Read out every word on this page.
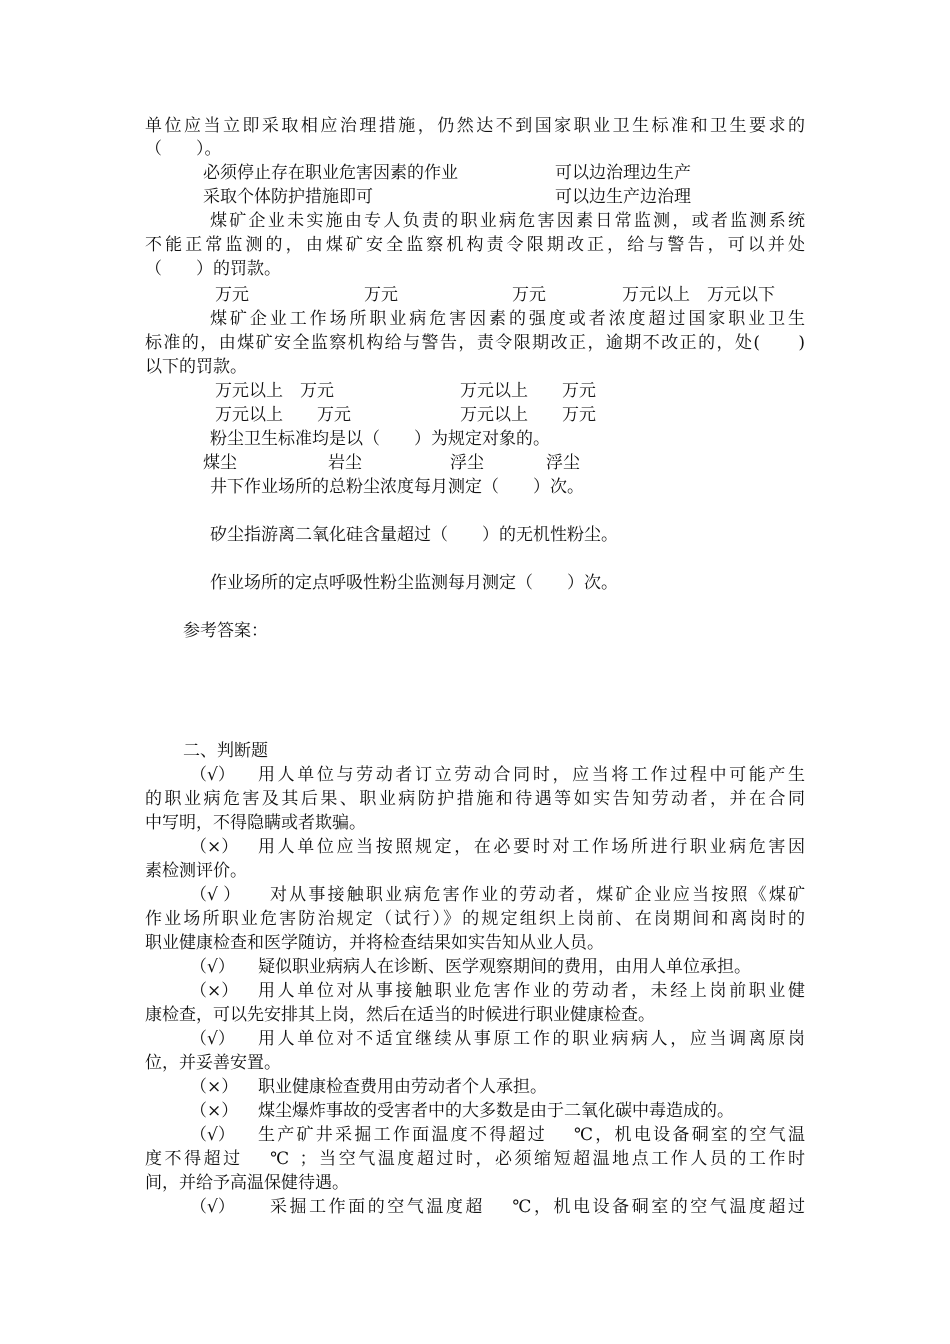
单位应当立即采取相应治理措施，仍然达不到国家职业卫生标准和卫生要求的
（　　）。
必须停止存在职业危害因素的作业	可以边治理边生产
采取个体防护措施即可	可以边生产边治理
煤矿企业未实施由专人负责的职业病危害因素日常监测，或者监测系统
不能正常监测的，由煤矿安全监察机构责令限期改正，给与警告，可以并处
（　　）的罚款。
万元	万元	万元	万元以上　万元以下
煤矿企业工作场所职业病危害因素的强度或者浓度超过国家职业卫生
标准的，由煤矿安全监察机构给与警告，责令限期改正，逾期不改正的，处(　　)
以下的罚款。
万元以上　万元	万元以上　　万元
万元以上　　万元	万元以上　　万元
粉尘卫生标准均是以（　　）为规定对象的。
煤尘	岩尘	浮尘	浮尘
井下作业场所的总粉尘浓度每月测定（　　）次。
矽尘指游离二氧化硅含量超过（　　）的无机性粉尘。
作业场所的定点呼吸性粉尘监测每月测定（　　）次。
参考答案：
二、判断题
（√） 用人单位与劳动者订立劳动合同时，应当将工作过程中可能产生
的职业病危害及其后果、职业病防护措施和待遇等如实告知劳动者，并在合同
中写明，不得隐瞒或者欺骗。
（×） 用人单位应当按照规定，在必要时对工作场所进行职业病危害因
素检测评价。
（√ ） 对从事接触职业病危害作业的劳动者，煤矿企业应当按照《煤矿
作业场所职业危害防治规定（试行）》的规定组织上岗前、在岗期间和离岗时的
职业健康检查和医学随访，并将检查结果如实告知从业人员。
（√） 疑似职业病病人在诊断、医学观察期间的费用，由用人单位承担。
（×） 用人单位对从事接触职业危害作业的劳动者，未经上岗前职业健
康检查，可以先安排其上岗，然后在适当的时候进行职业健康检查。
（√） 用人单位对不适宜继续从事原工作的职业病病人，应当调离原岗
位，并妥善安置。
（×） 职业健康检查费用由劳动者个人承担。
（×） 煤尘爆炸事故的受害者中的大多数是由于二氧化碳中毒造成的。
（√） 生产矿井采掘工作面温度不得超过　 ℃，机电设备硐室的空气温
度不得超过　 ℃ ；当空气温度超过时，必须缩短超温地点工作人员的工作时
间，并给予高温保健待遇。
（√） 采掘工作面的空气温度超　 ℃，机电设备硐室的空气温度超过
